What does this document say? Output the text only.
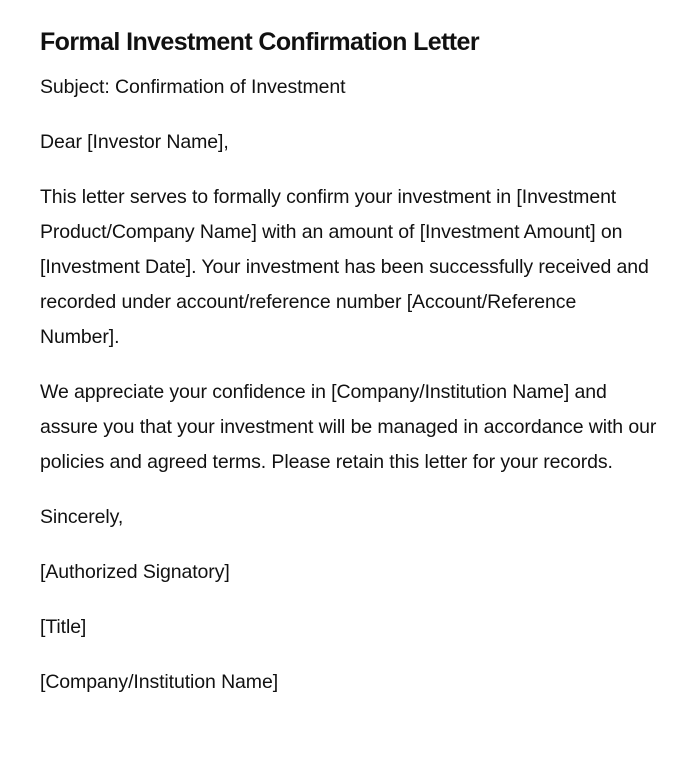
Formal Investment Confirmation Letter

Subject: Confirmation of Investment

Dear [Investor Name],

This letter serves to formally confirm your investment in [Investment Product/Company Name] with an amount of [Investment Amount] on [Investment Date]. Your investment has been successfully received and recorded under account/reference number [Account/Reference Number].

We appreciate your confidence in [Company/Institution Name] and assure you that your investment will be managed in accordance with our policies and agreed terms. Please retain this letter for your records.

Sincerely,

[Authorized Signatory]

[Title]

[Company/Institution Name]
